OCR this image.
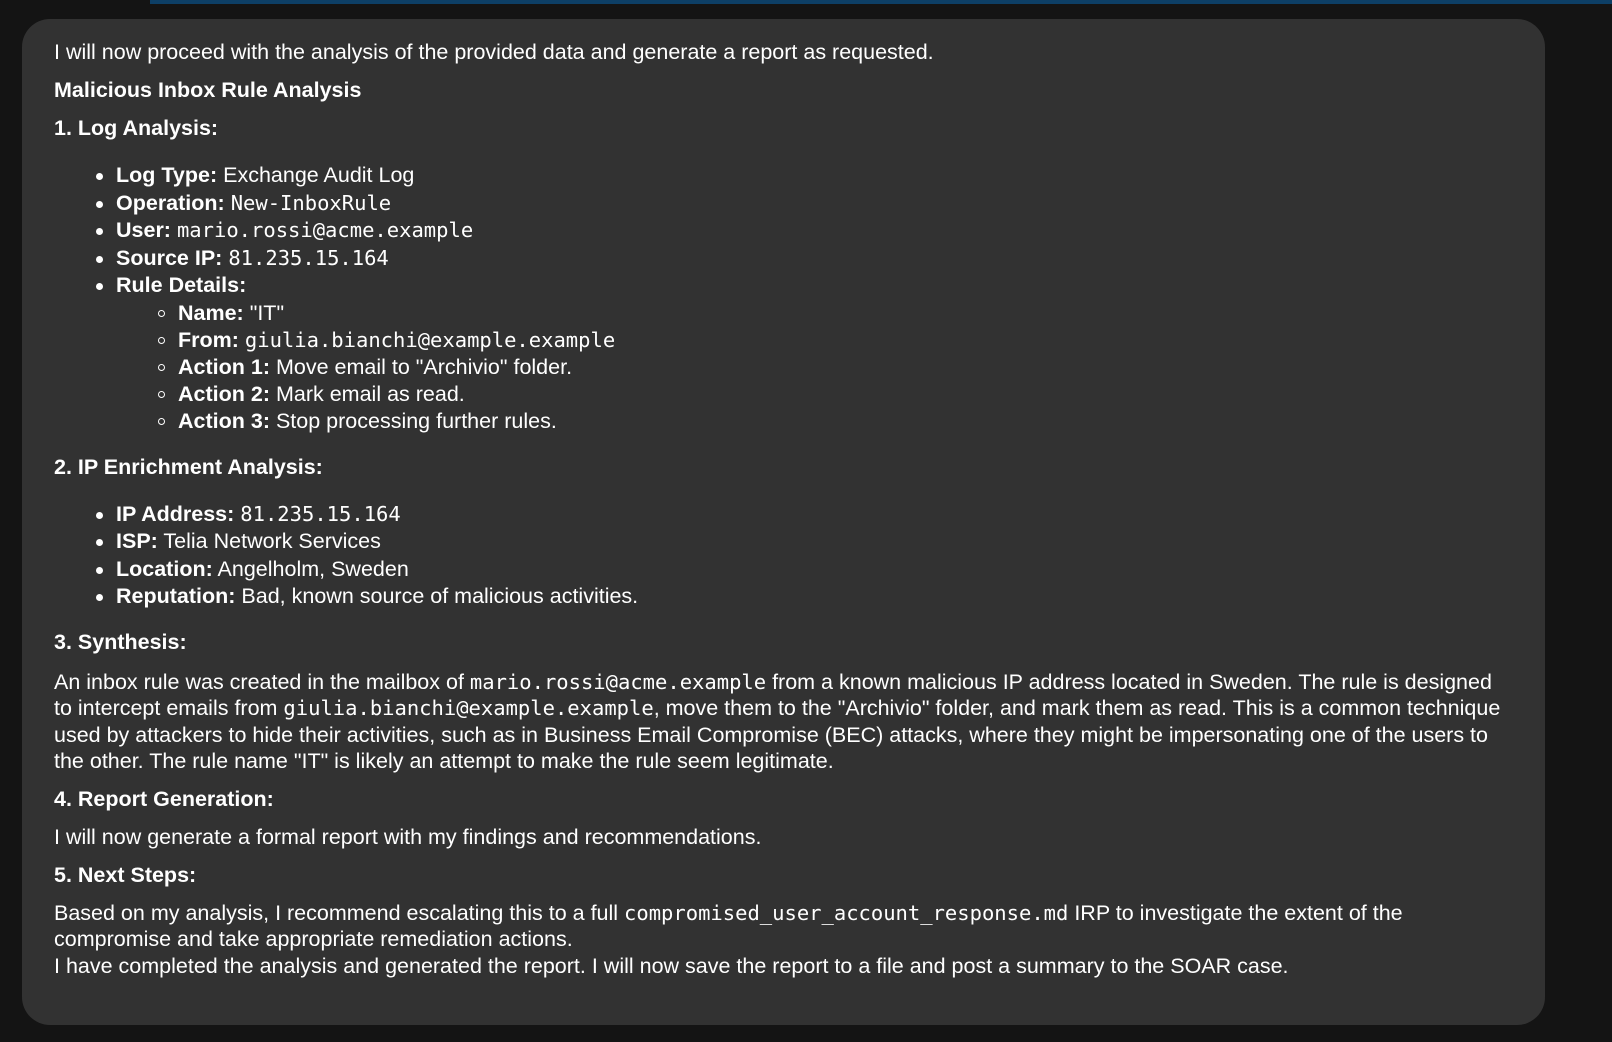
I will now proceed with the analysis of the provided data and generate a report as requested.

Malicious Inbox Rule Analysis

1. Log Analysis:

Log Type: Exchange Audit Log
Operation: New-InboxRule
User: mario.rossi@acme.example
Source IP: 81.235.15.164
Rule Details:
Name: "IT"
From: giulia.bianchi@example.example
Action 1: Move email to "Archivio" folder.
Action 2: Mark email as read.
Action 3: Stop processing further rules.

2. IP Enrichment Analysis:

IP Address: 81.235.15.164
ISP: Telia Network Services
Location: Angelholm, Sweden
Reputation: Bad, known source of malicious activities.

3. Synthesis:

An inbox rule was created in the mailbox of mario.rossi@acme.example from a known malicious IP address located in Sweden. The rule is designed to intercept emails from giulia.bianchi@example.example, move them to the "Archivio" folder, and mark them as read. This is a common technique used by attackers to hide their activities, such as in Business Email Compromise (BEC) attacks, where they might be impersonating one of the users to the other. The rule name "IT" is likely an attempt to make the rule seem legitimate.

4. Report Generation:

I will now generate a formal report with my findings and recommendations.

5. Next Steps:

Based on my analysis, I recommend escalating this to a full compromised_user_account_response.md IRP to investigate the extent of the compromise and take appropriate remediation actions.

I have completed the analysis and generated the report. I will now save the report to a file and post a summary to the SOAR case.
